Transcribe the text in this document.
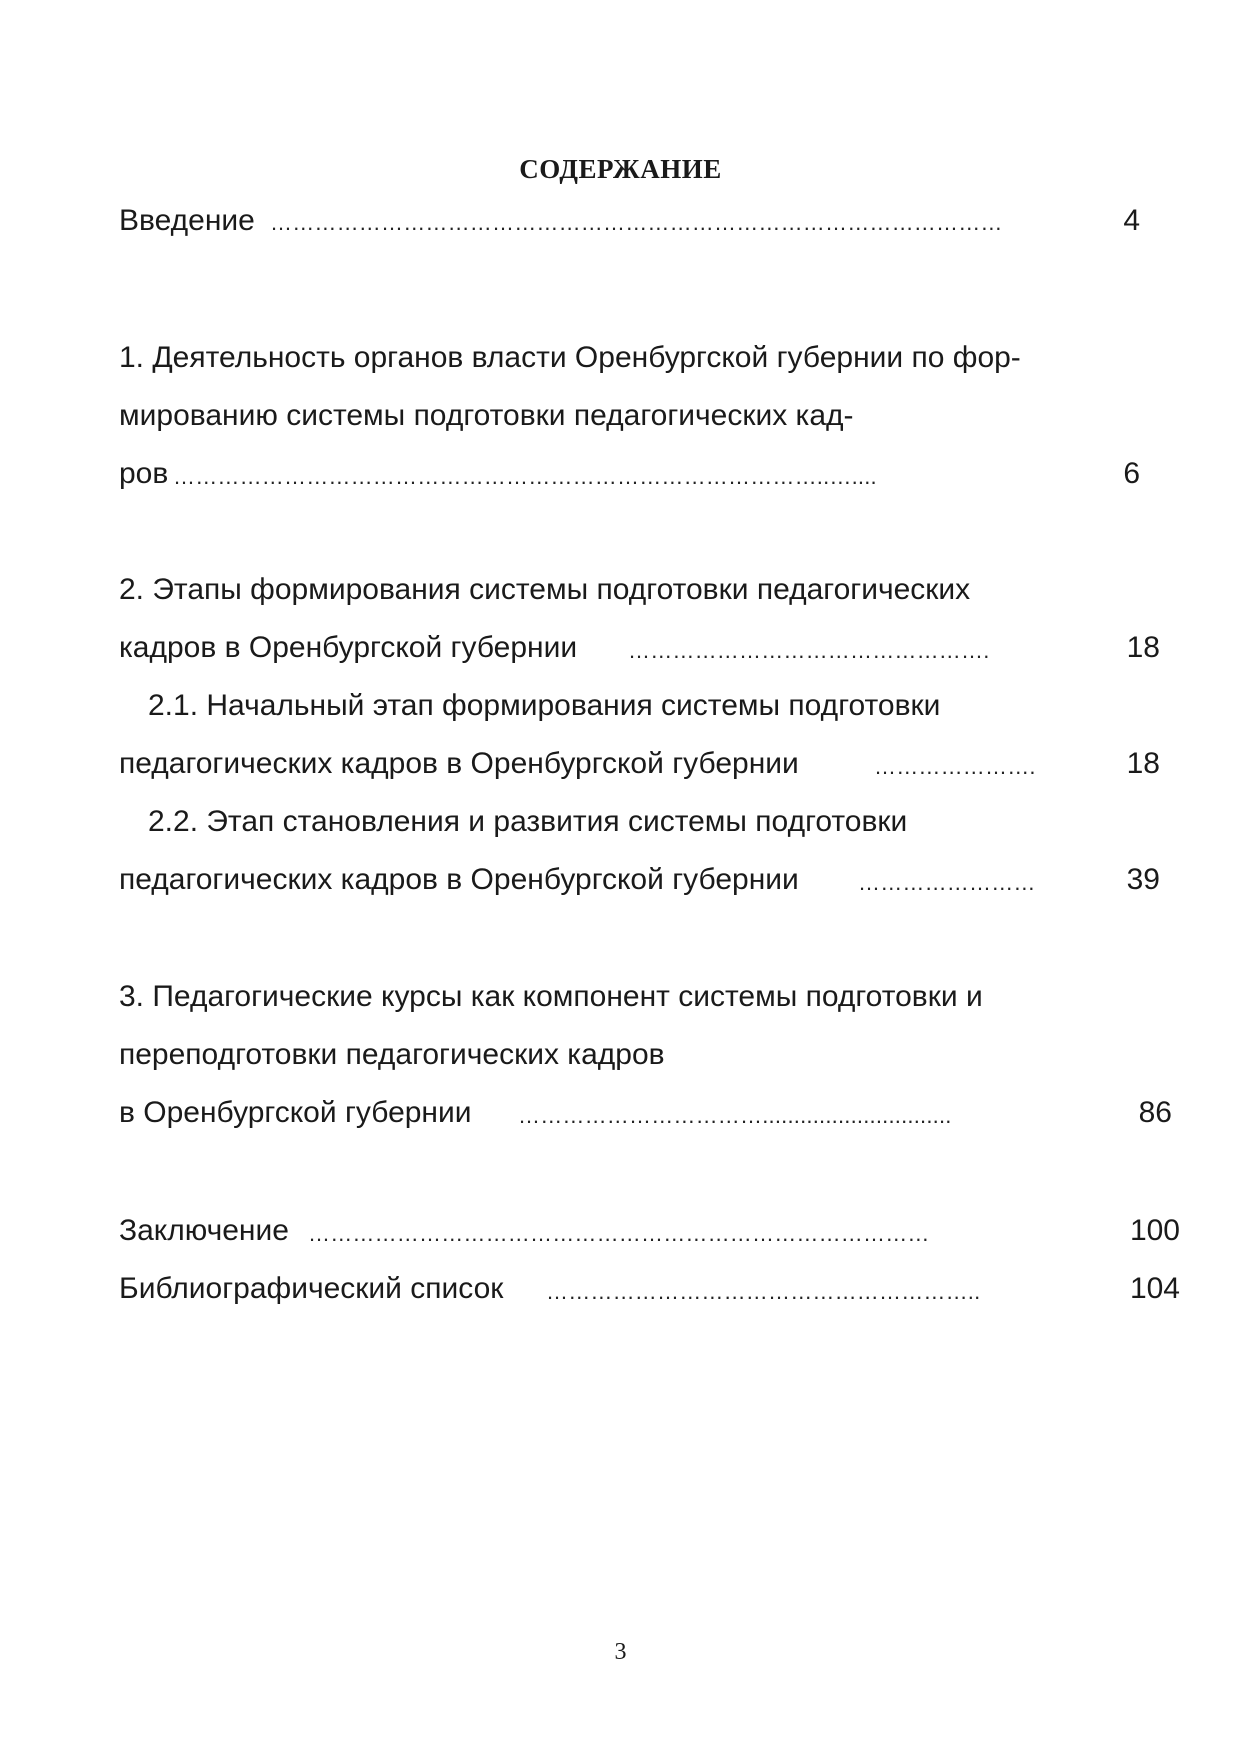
СОДЕРЖАНИЕ
Введение ………………………………………………………………………………………	4
1. Деятельность органов власти Оренбургской губернии по фор-
мированию системы подготовки педагогических кад-
ров ……………………………………………………………………………..…....	6
2. Этапы формирования системы подготовки педагогических
кадров в Оренбургской губернии ………………………………………….	18
2.1. Начальный этап формирования системы подготовки
педагогических кадров в Оренбургской губернии	………………….	18
2.2. Этап становления и развития системы подготовки
педагогических кадров в Оренбургской губернии	……………………	39
3. Педагогические курсы как компонент системы подготовки и
переподготовки педагогических кадров
в Оренбургской губернии ……………………………..............................	86
Заключение …………………………………………………………………………	100
Библиографический список …………………………………………………..	104

3
